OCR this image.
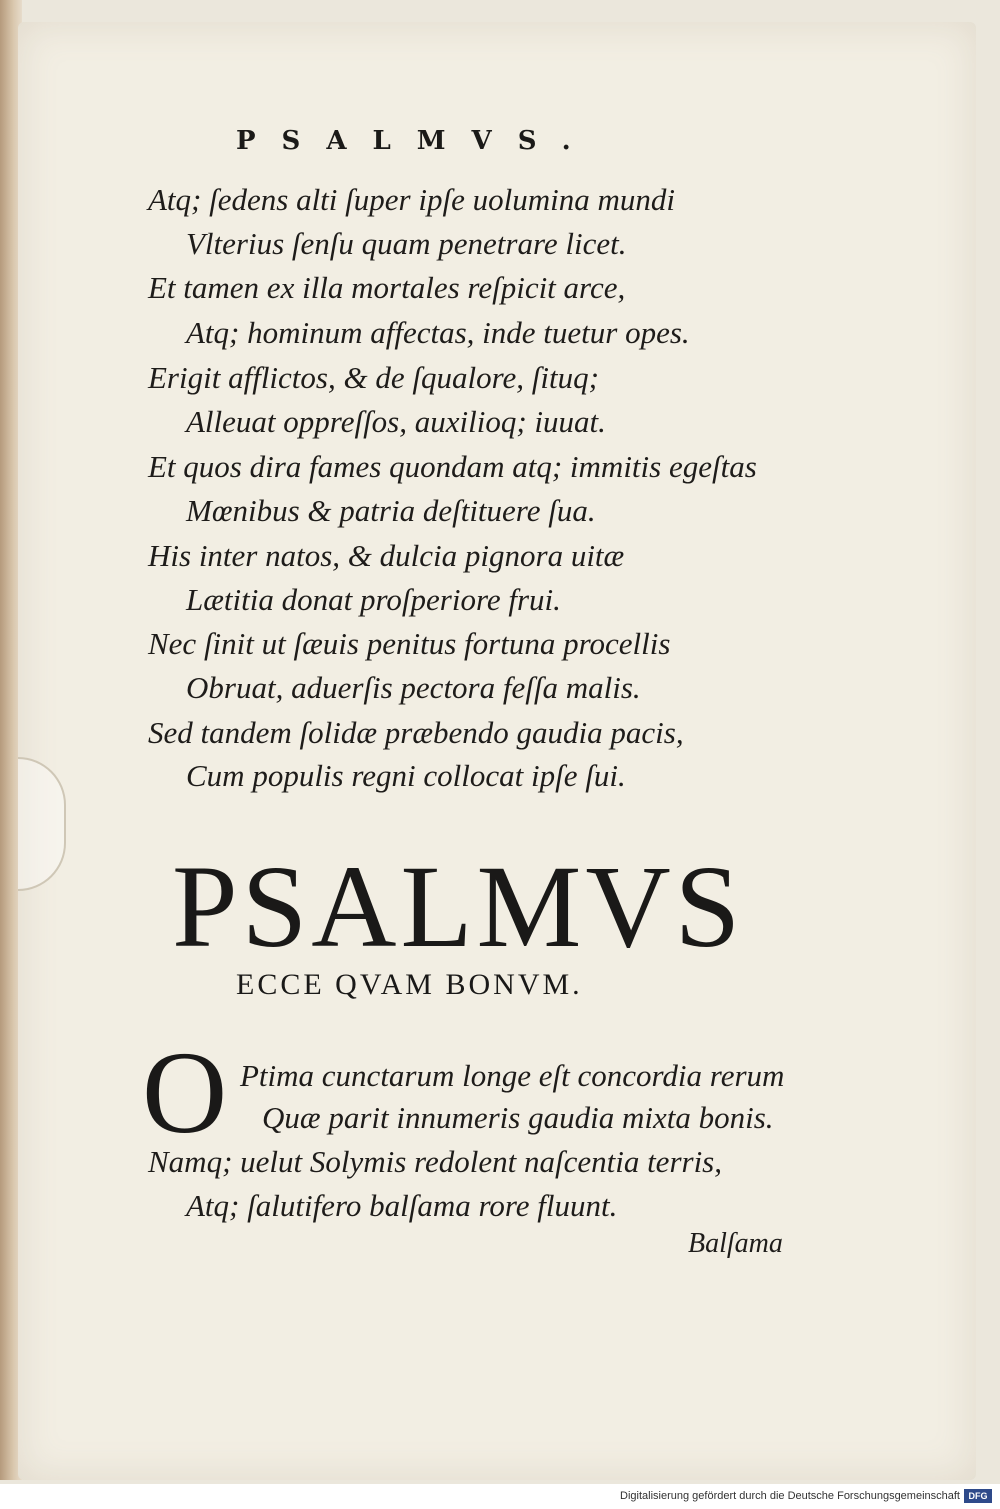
PSALMVS.
Atq; ſedens alti ſuper ipſe uolumina mundi
Vlterius ſenſu quam penetrare licet.
Et tamen ex illa mortales reſpicit arce,
Atq; hominum affectas, inde tuetur opes.
Erigit afflictos, & de ſqualore, ſituq;
Alleuat oppreſſos, auxilioq; iuuat.
Et quos dira fames quondam atq; immitis egeſtas
Mœnibus & patria deſtituere ſua.
His inter natos, & dulcia pignora uitæ
Lætitia donat proſperiore frui.
Nec ſinit ut ſæuis penitus fortuna procellis
Obruat, aduerſis pectora feſſa malis.
Sed tandem ſolidæ præbendo gaudia pacis,
Cum populis regni collocat ipſe ſui.
PSALMVS
ECCE QVAM BONVM.
O Ptima cunctarum longe eſt concordia rerum
Quæ parit innumeris gaudia mixta bonis.
Namq; uelut Solymis redolent naſcentia terris,
Atq; ſalutifero balſama rore fluunt.
Balſama
Digitalisierung gefördert durch die Deutsche Forschungsgemeinschaft DFG
